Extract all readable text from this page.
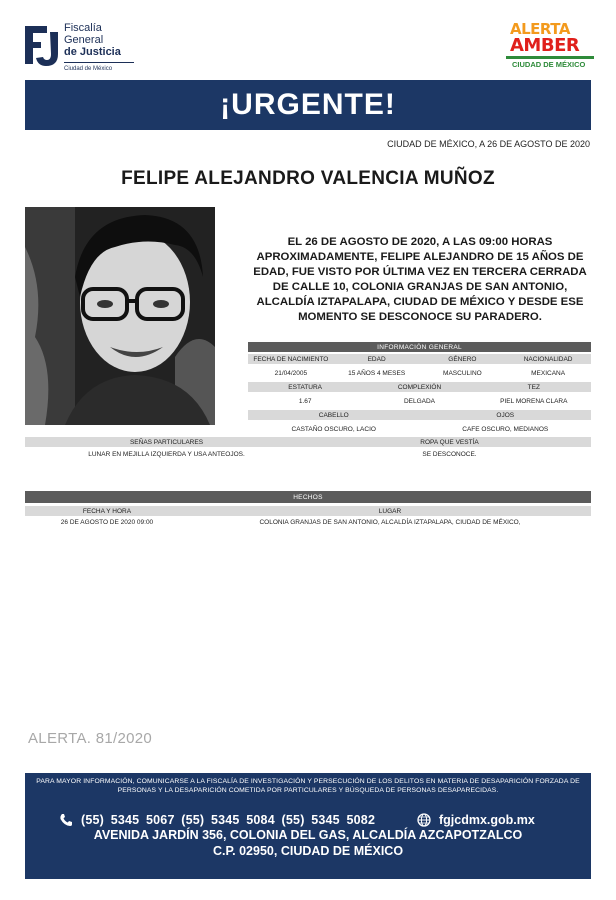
Fiscalía
General
de Justicia
Ciudad de México
ALERTA
AMBER
CIUDAD DE MÉXICO
¡URGENTE!
CIUDAD DE MÉXICO, A 26 DE AGOSTO DE 2020
FELIPE ALEJANDRO VALENCIA MUÑOZ
EL 26 DE AGOSTO DE 2020, A LAS 09:00 HORAS APROXIMADAMENTE, FELIPE ALEJANDRO DE 15 AÑOS DE EDAD, FUE VISTO POR ÚLTIMA VEZ EN TERCERA CERRADA DE CALLE 10, COLONIA GRANJAS DE SAN ANTONIO, ALCALDÍA IZTAPALAPA, CIUDAD DE MÉXICO Y DESDE ESE MOMENTO SE DESCONOCE SU PARADERO.
INFORMACIÓN GENERAL
FECHA DE NACIMIENTO	EDAD	GÉNERO	NACIONALIDAD
21/04/2005	15 AÑOS 4 MESES	MASCULINO	MEXICANA
ESTATURA	COMPLEXIÓN	TEZ
1.67	DELGADA	PIEL MORENA CLARA
CABELLO	OJOS
CASTAÑO OSCURO, LACIO	CAFE OSCURO, MEDIANOS
SEÑAS PARTICULARES	ROPA QUE VESTÍA
LUNAR EN MEJILLA IZQUIERDA Y USA ANTEOJOS.	SE DESCONOCE.
HECHOS
FECHA Y HORA	LUGAR
26 DE AGOSTO DE 2020 09:00	COLONIA GRANJAS DE SAN ANTONIO, ALCALDÍA IZTAPALAPA, CIUDAD DE MÉXICO,
ALERTA. 81/2020
PARA MAYOR INFORMACIÓN, COMUNICARSE A LA FISCALÍA DE INVESTIGACIÓN Y PERSECUCIÓN DE LOS DELITOS EN MATERIA DE DESAPARICIÓN FORZADA DE PERSONAS Y LA DESAPARICIÓN COMETIDA POR PARTICULARES Y BÚSQUEDA DE PERSONAS DESAPARECIDAS.
(55) 5345 5067 (55) 5345 5084 (55) 5345 5082	fgjcdmx.gob.mx
AVENIDA JARDÍN 356, COLONIA DEL GAS, ALCALDÍA AZCAPOTZALCO
C.P. 02950, CIUDAD DE MÉXICO
